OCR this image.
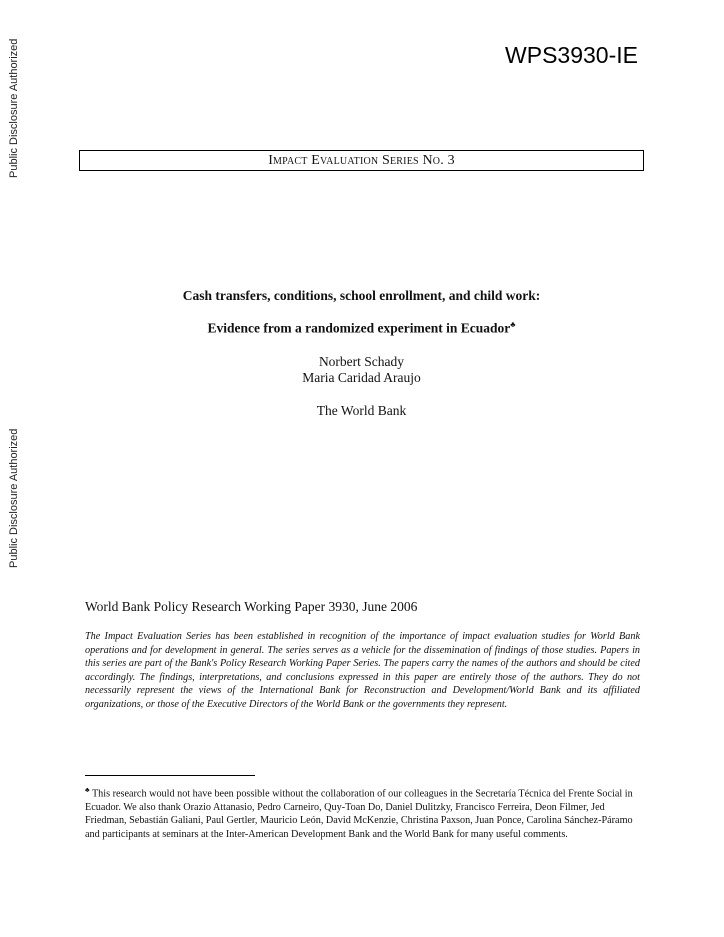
Public Disclosure Authorized
Public Disclosure Authorized
WPS3930-IE
Impact Evaluation Series No. 3
Cash transfers, conditions, school enrollment, and child work:
Evidence from a randomized experiment in Ecuador♣
Norbert Schady
Maria Caridad Araujo
The World Bank
World Bank Policy Research Working Paper 3930, June 2006
The Impact Evaluation Series has been established in recognition of the importance of impact evaluation studies for World Bank operations and for development in general. The series serves as a vehicle for the dissemination of findings of those studies. Papers in this series are part of the Bank's Policy Research Working Paper Series. The papers carry the names of the authors and should be cited accordingly. The findings, interpretations, and conclusions expressed in this paper are entirely those of the authors. They do not necessarily represent the views of the International Bank for Reconstruction and Development/World Bank and its affiliated organizations, or those of the Executive Directors of the World Bank or the governments they represent.
♣ This research would not have been possible without the collaboration of our colleagues in the Secretaría Técnica del Frente Social in Ecuador. We also thank Orazio Attanasio, Pedro Carneiro, Quy-Toan Do, Daniel Dulitzky, Francisco Ferreira, Deon Filmer, Jed Friedman, Sebastián Galiani, Paul Gertler, Mauricio León, David McKenzie, Christina Paxson, Juan Ponce, Carolina Sánchez-Páramo and participants at seminars at the Inter-American Development Bank and the World Bank for many useful comments.
